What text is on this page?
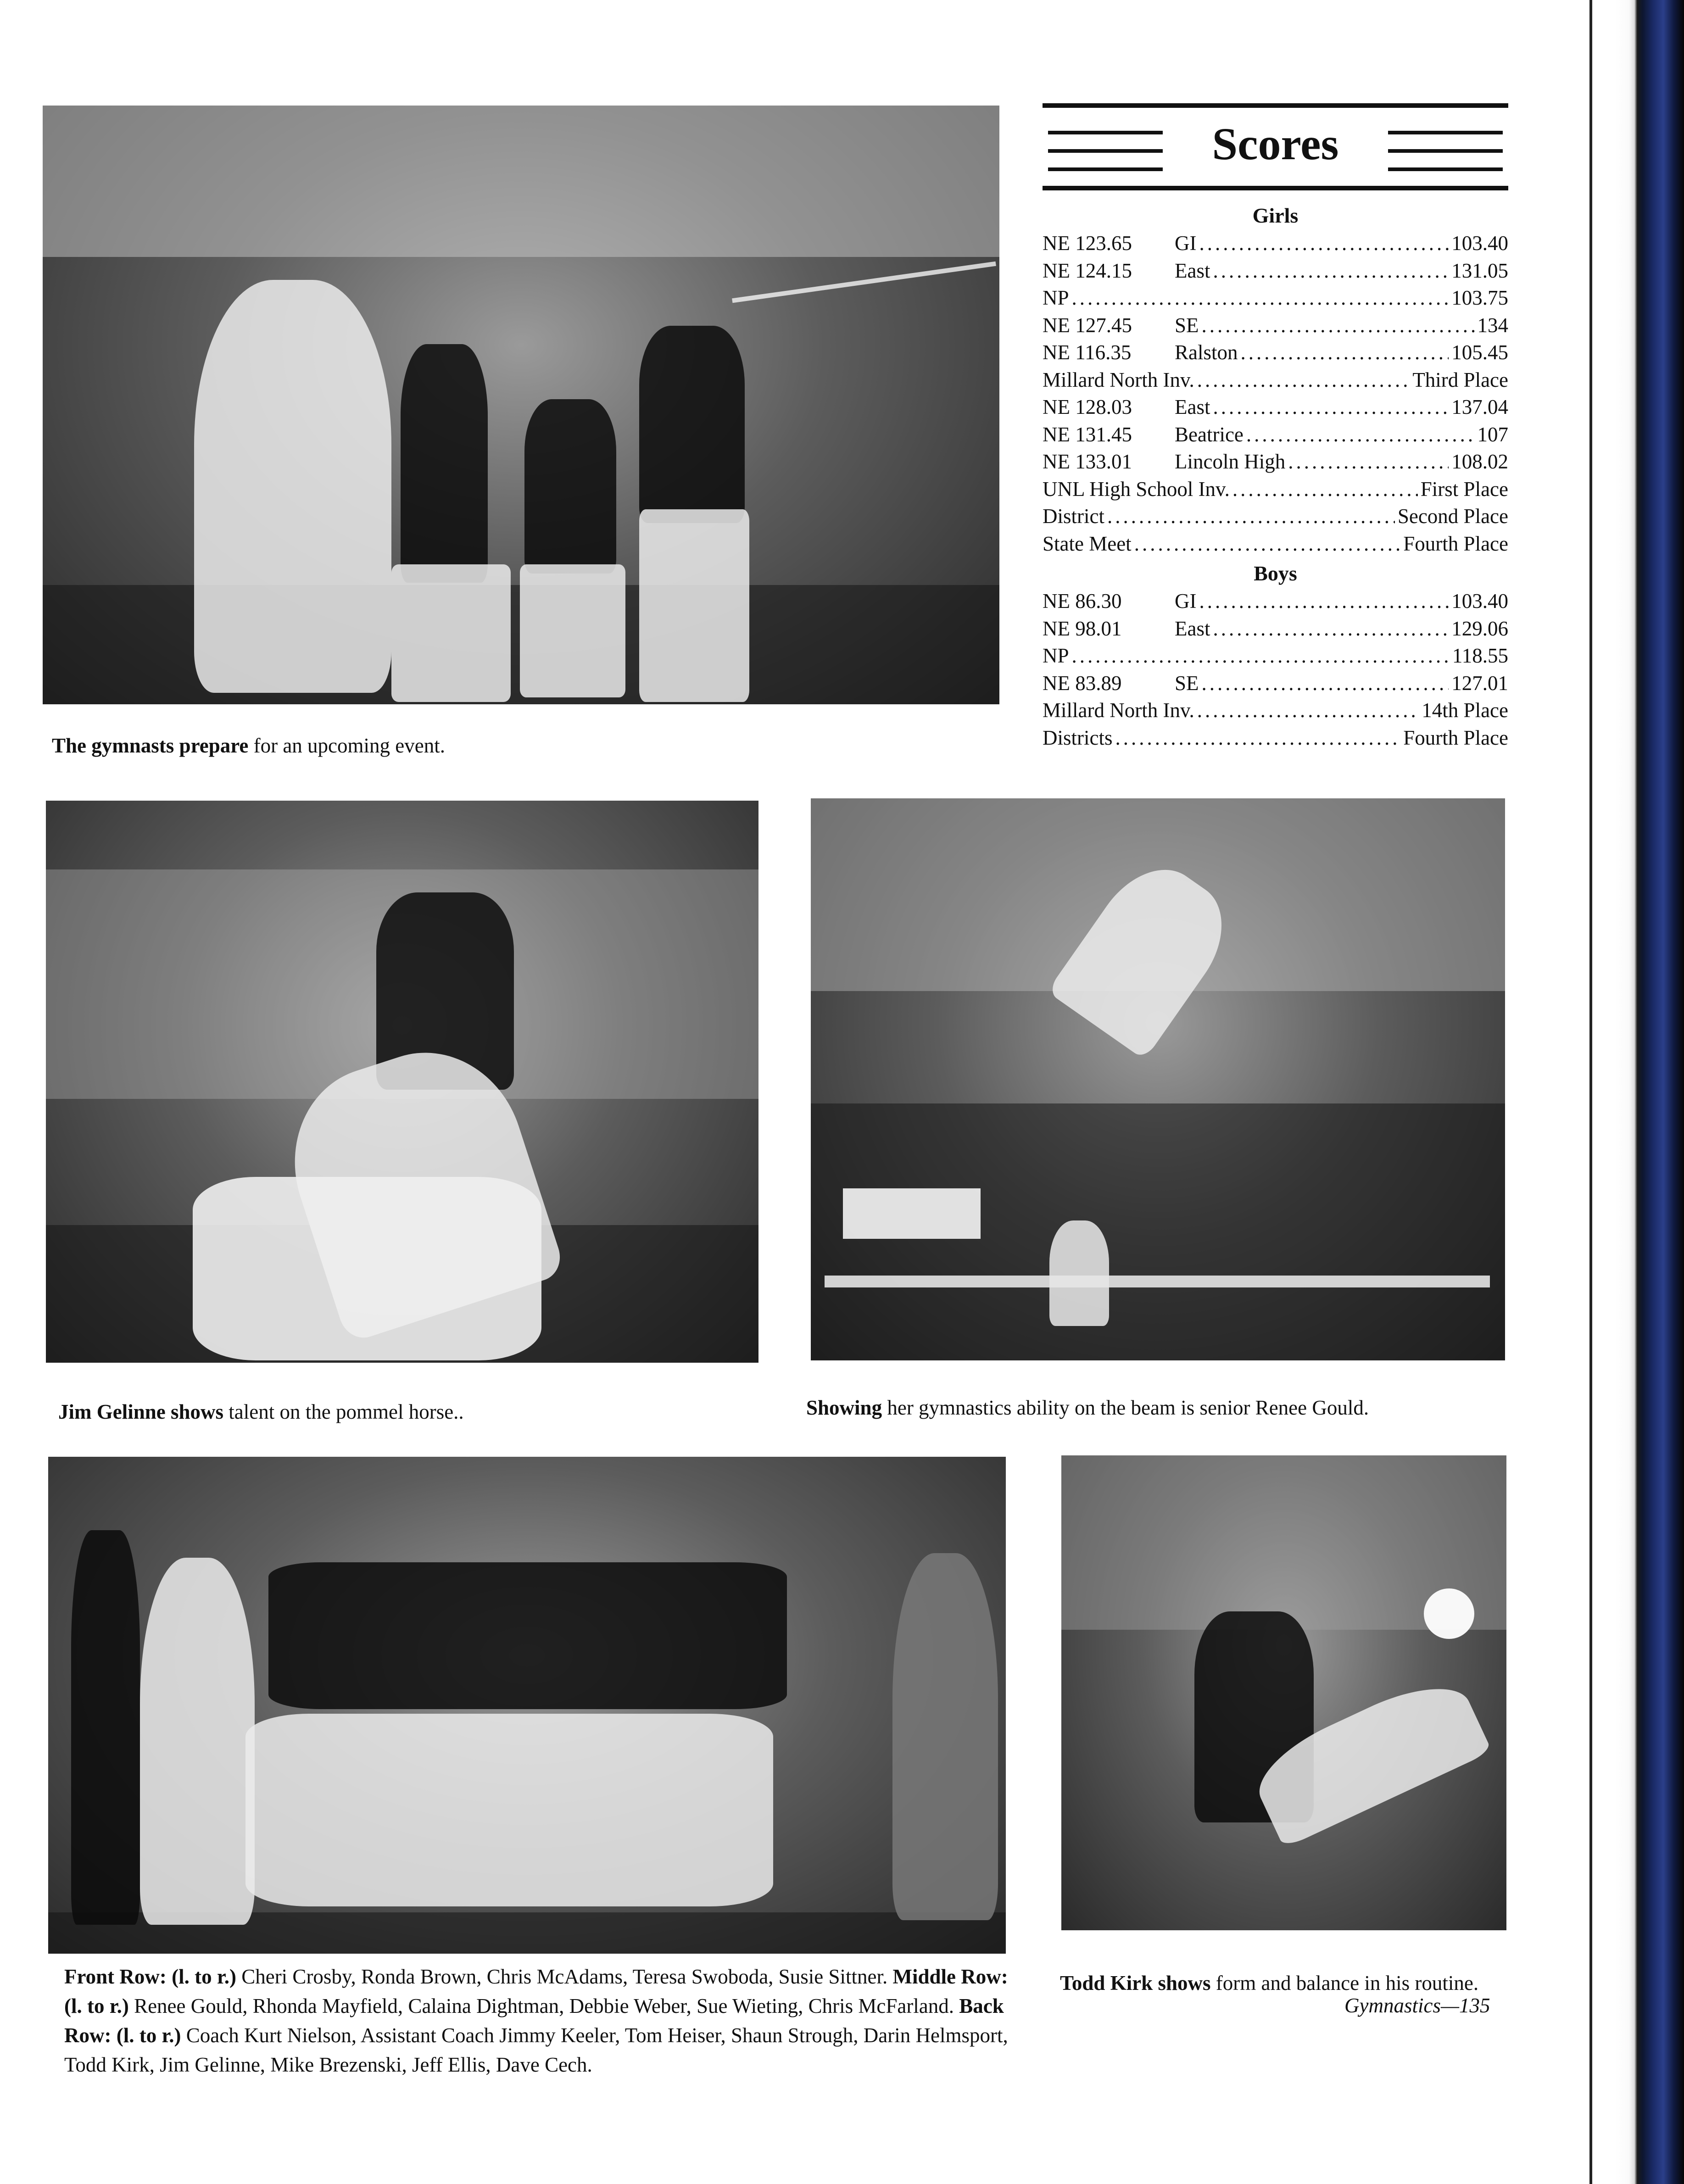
The gymnasts prepare for an upcoming event.
Scores
Girls
NE 123.65	GI .....	103.40
NE 124.15	East .....	131.05
NP .....	103.75
NE 127.45	SE .....	134
NE 116.35	Ralston .....	105.45
Millard North Inv. .....	Third Place
NE 128.03	East .....	137.04
NE 131.45	Beatrice .....	107
NE 133.01	Lincoln High .....	108.02
UNL High School Inv. .....	First Place
District .....	Second Place
State Meet .....	Fourth Place
Boys
NE 86.30	GI .....	103.40
NE 98.01	East .....	129.06
NP .....	118.55
NE 83.89	SE .....	127.01
Millard North Inv. .....	14th Place
Districts .....	Fourth Place
Jim Gelinne shows talent on the pommel horse..	Showing her gymnastics ability on the beam is senior Renee Gould.
Front Row: (l. to r.) Cheri Crosby, Ronda Brown, Chris McAdams, Teresa Swoboda, Susie Sittner. Middle Row: (l. to r.) Renee Gould, Rhonda Mayfield, Calaina Dightman, Debbie Weber, Sue Wieting, Chris McFarland. Back Row: (l. to r.) Coach Kurt Nielson, Assistant Coach Jimmy Keeler, Tom Heiser, Shaun Strough, Darin Helmsport, Todd Kirk, Jim Gelinne, Mike Brezenski, Jeff Ellis, Dave Cech.
Todd Kirk shows form and balance in his routine.
Gymnastics—135
